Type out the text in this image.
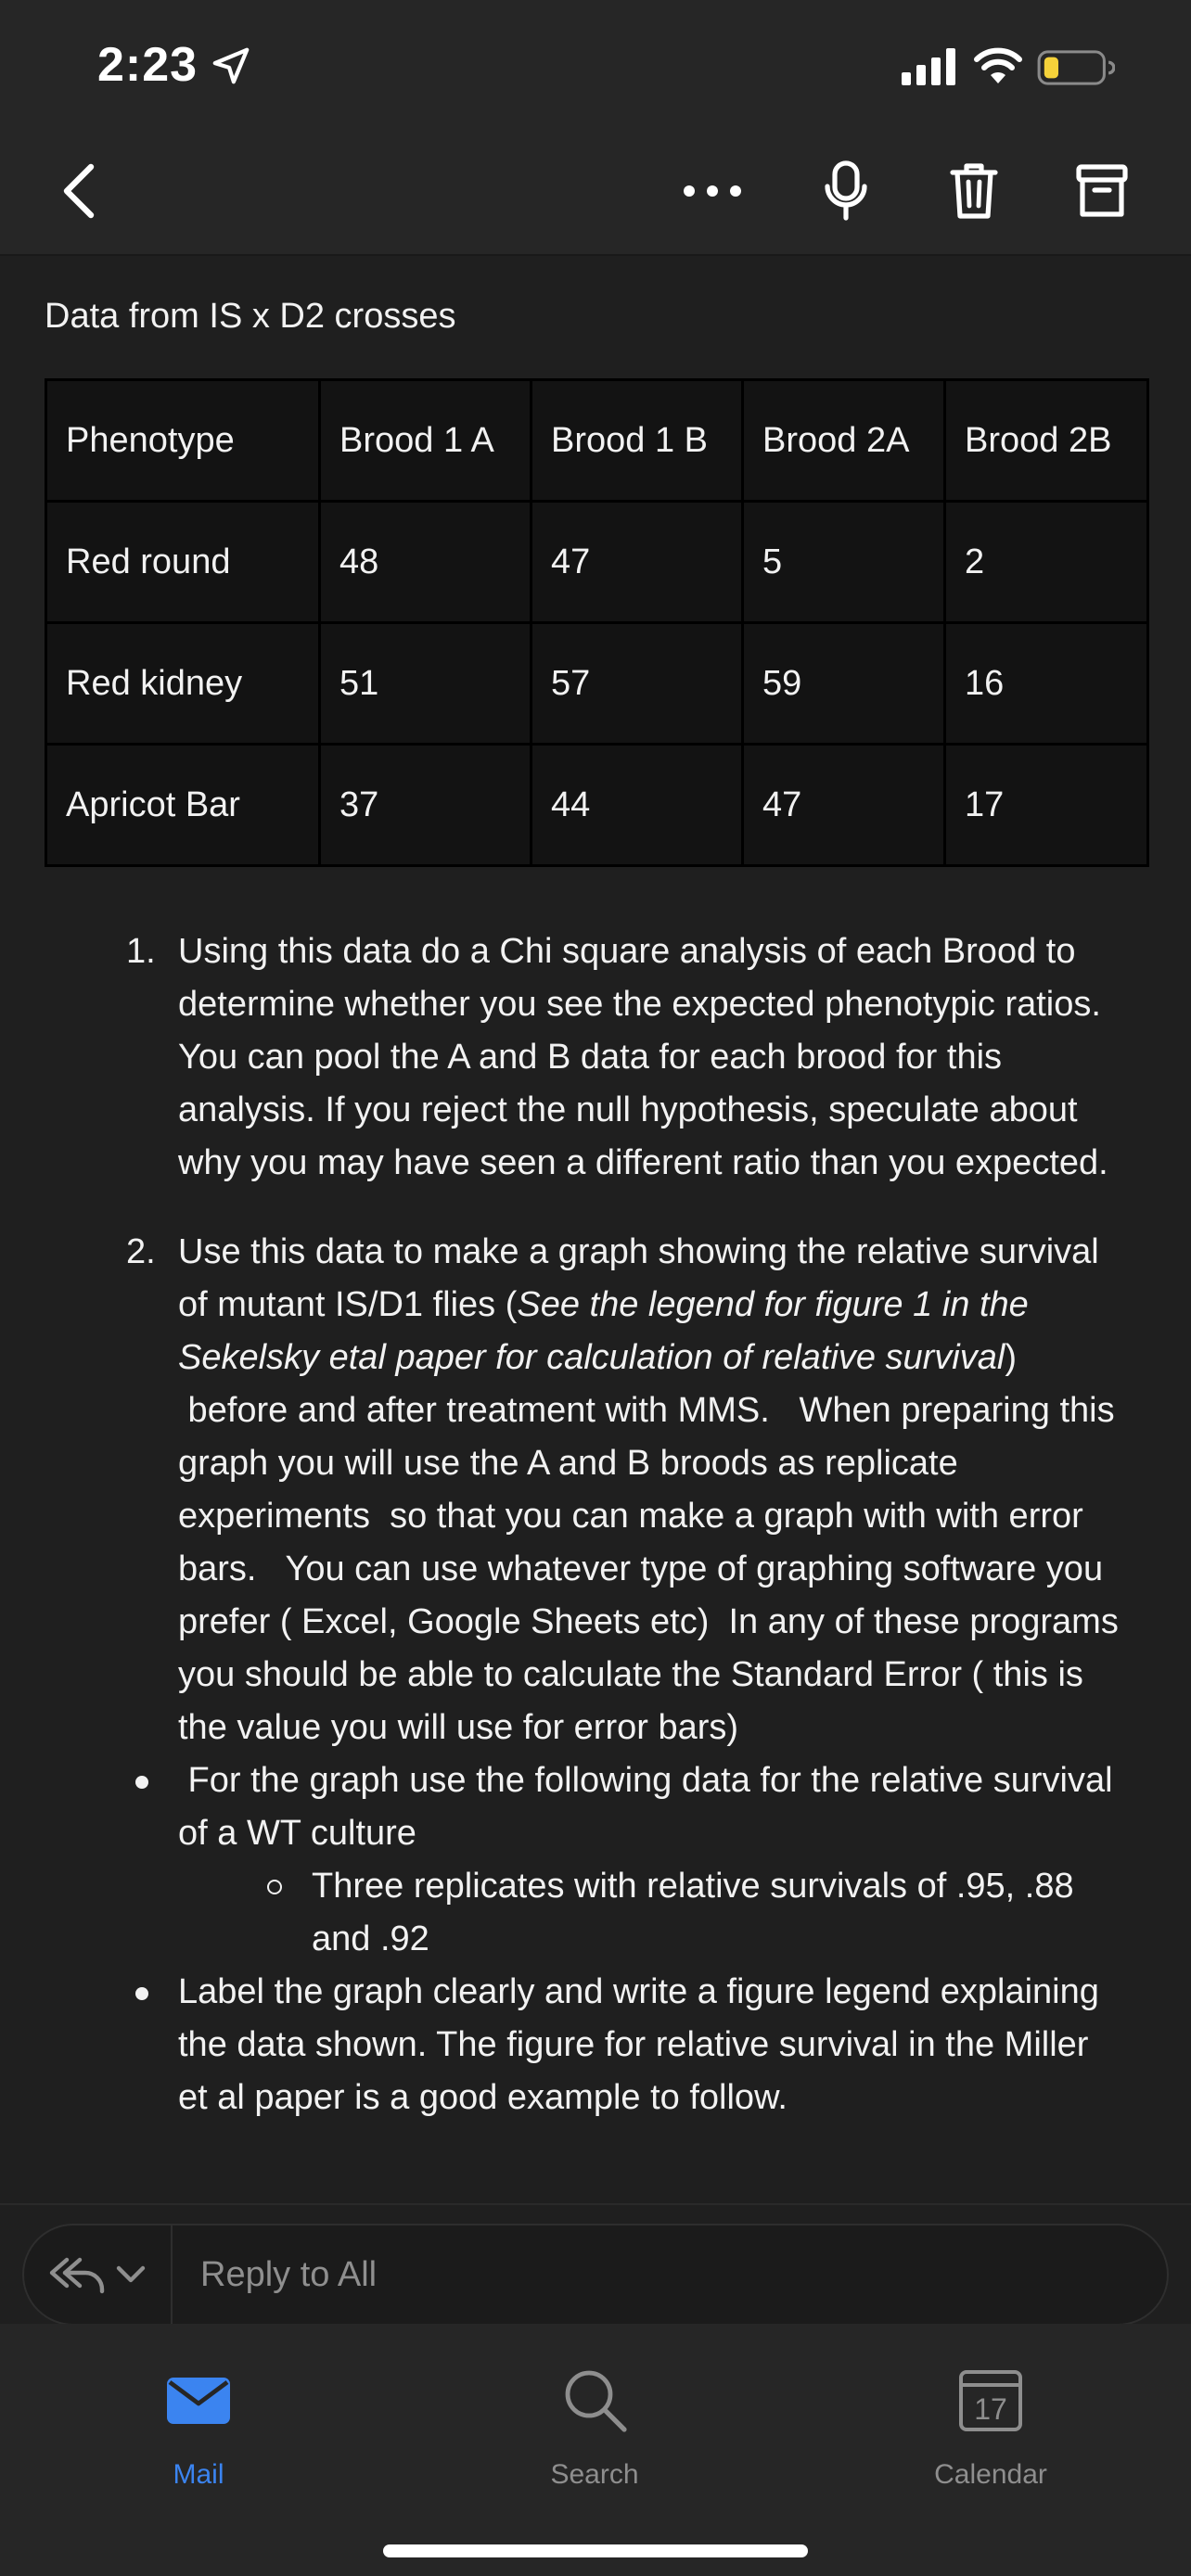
2:23
Data from IS x D2 crosses
Phenotype	Brood 1 A	Brood 1 B	Brood 2A	Brood 2B
Red round	48	47	5	2
Red kidney	51	57	59	16
Apricot Bar	37	44	47	17
1. Using this data do a Chi square analysis of each Brood to
determine whether you see the expected phenotypic ratios.
You can pool the A and B data for each brood for this
analysis. If you reject the null hypothesis, speculate about
why you may have seen a different ratio than you expected.
2. Use this data to make a graph showing the relative survival
of mutant IS/D1 flies (See the legend for figure 1 in the
Sekelsky etal paper for calculation of relative survival)
before and after treatment with MMS.   When preparing this
graph you will use the A and B broods as replicate
experiments  so that you can make a graph with with error
bars.   You can use whatever type of graphing software you
prefer ( Excel, Google Sheets etc)  In any of these programs
you should be able to calculate the Standard Error ( this is
the value you will use for error bars)
For the graph use the following data for the relative survival
of a WT culture
Three replicates with relative survivals of .95, .88
and .92
Label the graph clearly and write a figure legend explaining
the data shown. The figure for relative survival in the Miller
et al paper is a good example to follow.
Reply to All
Mail	Search
17
Calendar
